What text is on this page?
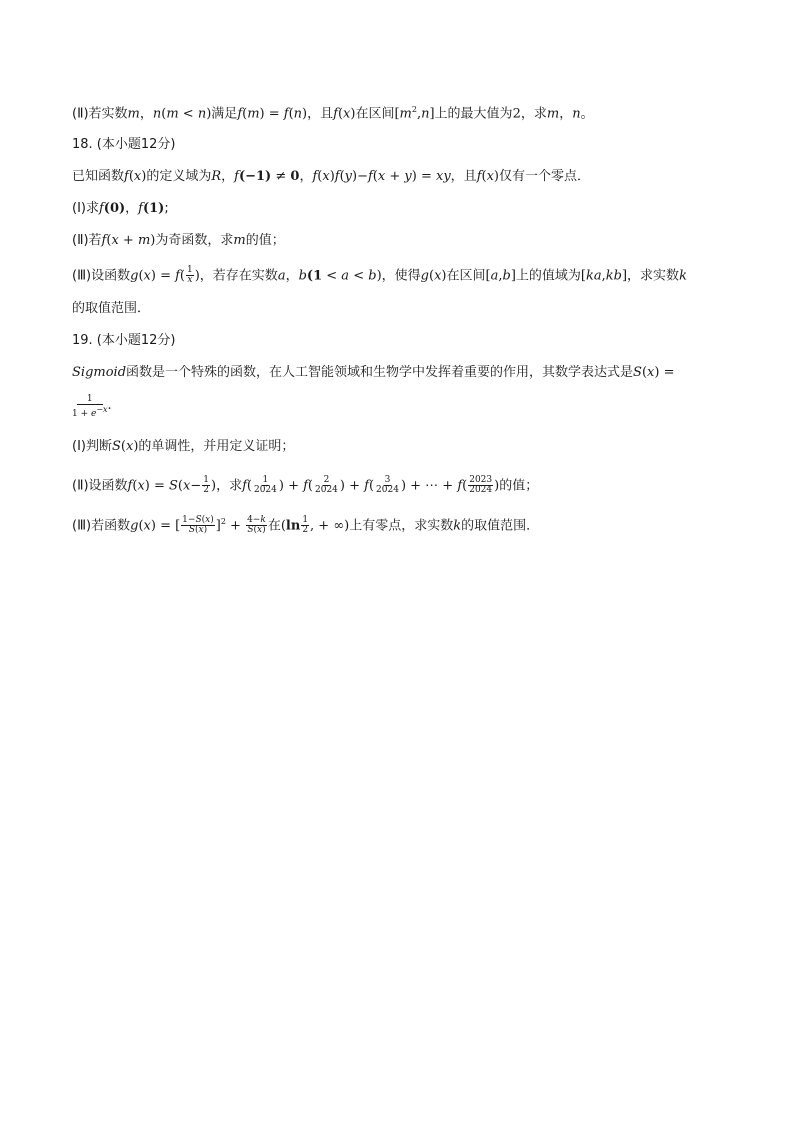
(Ⅱ)若实数m，n(m < n)满足f(m) = f(n)，且f(x)在区间$[m^2,n]$上的最大值为2，求m，n。
18. (本小题12分)
已知函数f(x)的定义域为R，f(−1) ≠ 0，f(x)f(y)−f(x + y) = xy，且f(x)仅有一个零点．
(Ⅰ)求f(0)，f(1);
(Ⅱ)若f(x + m)为奇函数，求m的值；
(Ⅲ)设函数$g(x) = f( \frac{1}{x}$ )，若存在实数a，b(1 < a < b)，使得g(x)在区间[a,b]上的值域为[ka,kb]，求实数k
的取值范围．
19. (本小题12分)
Sigmoid函数是一个特殊的函数，在人工智能领域和生物学中发挥着重要的作用，其数学表达式是S(x) =
$\frac{1}{1 + e^{-x}}$ .
(Ⅰ)判断S(x)的单调性，并用定义证明；
(Ⅱ)设函数$f(x) = S(x- \frac{1}{2}$ )，求$f( \frac{1}{2024}$ ) + $f( \frac{2}{2024}$ ) + $f( \frac{3}{2024}$ ) + ⋯ + $f( \frac{2023}{2024}$ )的值；
(Ⅲ)若函数g(x) = [ $\frac{1-S(x)}{S(x)} ]^2 + \frac{4-k}{S(x)}$ 在($\ln \frac{1}{2}$ , + ∞)上有零点，求实数k的取值范围．
